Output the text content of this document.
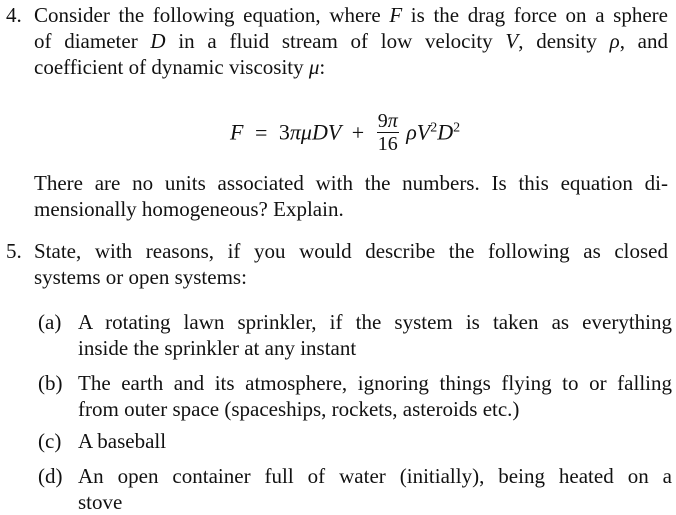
4. Consider the following equation, where F is the drag force on a sphere
of diameter D in a fluid stream of low velocity V, density ρ, and
coefficient of dynamic viscosity μ:
$F = 3\pi\mu DV + \frac{9\pi}{16} \rho V^2D^2$
There are no units associated with the numbers. Is this equation di-
mensionally homogeneous? Explain.
5. State, with reasons, if you would describe the following as closed
systems or open systems:
(a) A rotating lawn sprinkler, if the system is taken as everything
inside the sprinkler at any instant
(b) The earth and its atmosphere, ignoring things flying to or falling
from outer space (spaceships, rockets, asteroids etc.)
(c) A baseball
(d) An open container full of water (initially), being heated on a
stove
